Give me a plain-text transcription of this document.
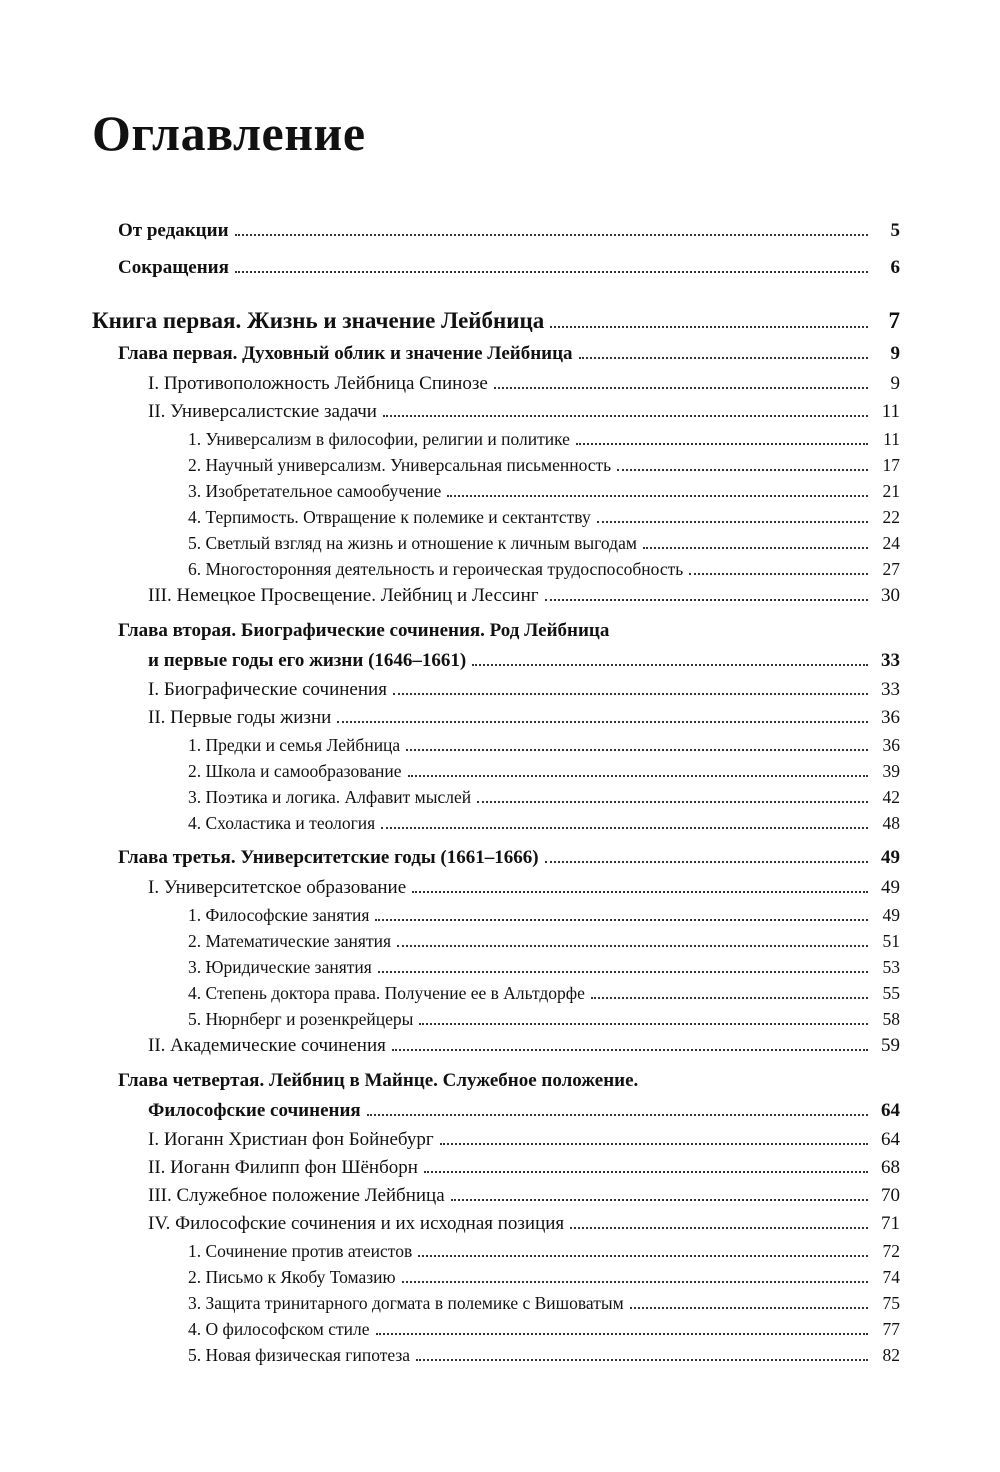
Оглавление
От редакции	5
Сокращения	6
Книга первая. Жизнь и значение Лейбница	7
Глава первая. Духовный облик и значение Лейбница	9
I. Противоположность Лейбница Спинозе	9
II. Универсалистские задачи	11
1. Универсализм в философии, религии и политике	11
2. Научный универсализм. Универсальная письменность	17
3. Изобретательное самообучение	21
4. Терпимость. Отвращение к полемике и сектантству	22
5. Светлый взгляд на жизнь и отношение к личным выгодам	24
6. Многосторонняя деятельность и героическая трудоспособность	27
III. Немецкое Просвещение. Лейбниц и Лессинг	30
Глава вторая. Биографические сочинения. Род Лейбница
и первые годы его жизни (1646–1661)	33
I. Биографические сочинения	33
II. Первые годы жизни	36
1. Предки и семья Лейбница	36
2. Школа и самообразование	39
3. Поэтика и логика. Алфавит мыслей	42
4. Схоластика и теология	48
Глава третья. Университетские годы (1661–1666)	49
I. Университетское образование	49
1. Философские занятия	49
2. Математические занятия	51
3. Юридические занятия	53
4. Степень доктора права. Получение ее в Альтдорфе	55
5. Нюрнберг и розенкрейцеры	58
II. Академические сочинения	59
Глава четвертая. Лейбниц в Майнце. Служебное положение.
Философские сочинения	64
I. Иоганн Христиан фон Бойнебург	64
II. Иоганн Филипп фон Шёнборн	68
III. Служебное положение Лейбница	70
IV. Философские сочинения и их исходная позиция	71
1. Сочинение против атеистов	72
2. Письмо к Якобу Томазию	74
3. Защита тринитарного догмата в полемике с Вишоватым	75
4. О философском стиле	77
5. Новая физическая гипотеза	82
